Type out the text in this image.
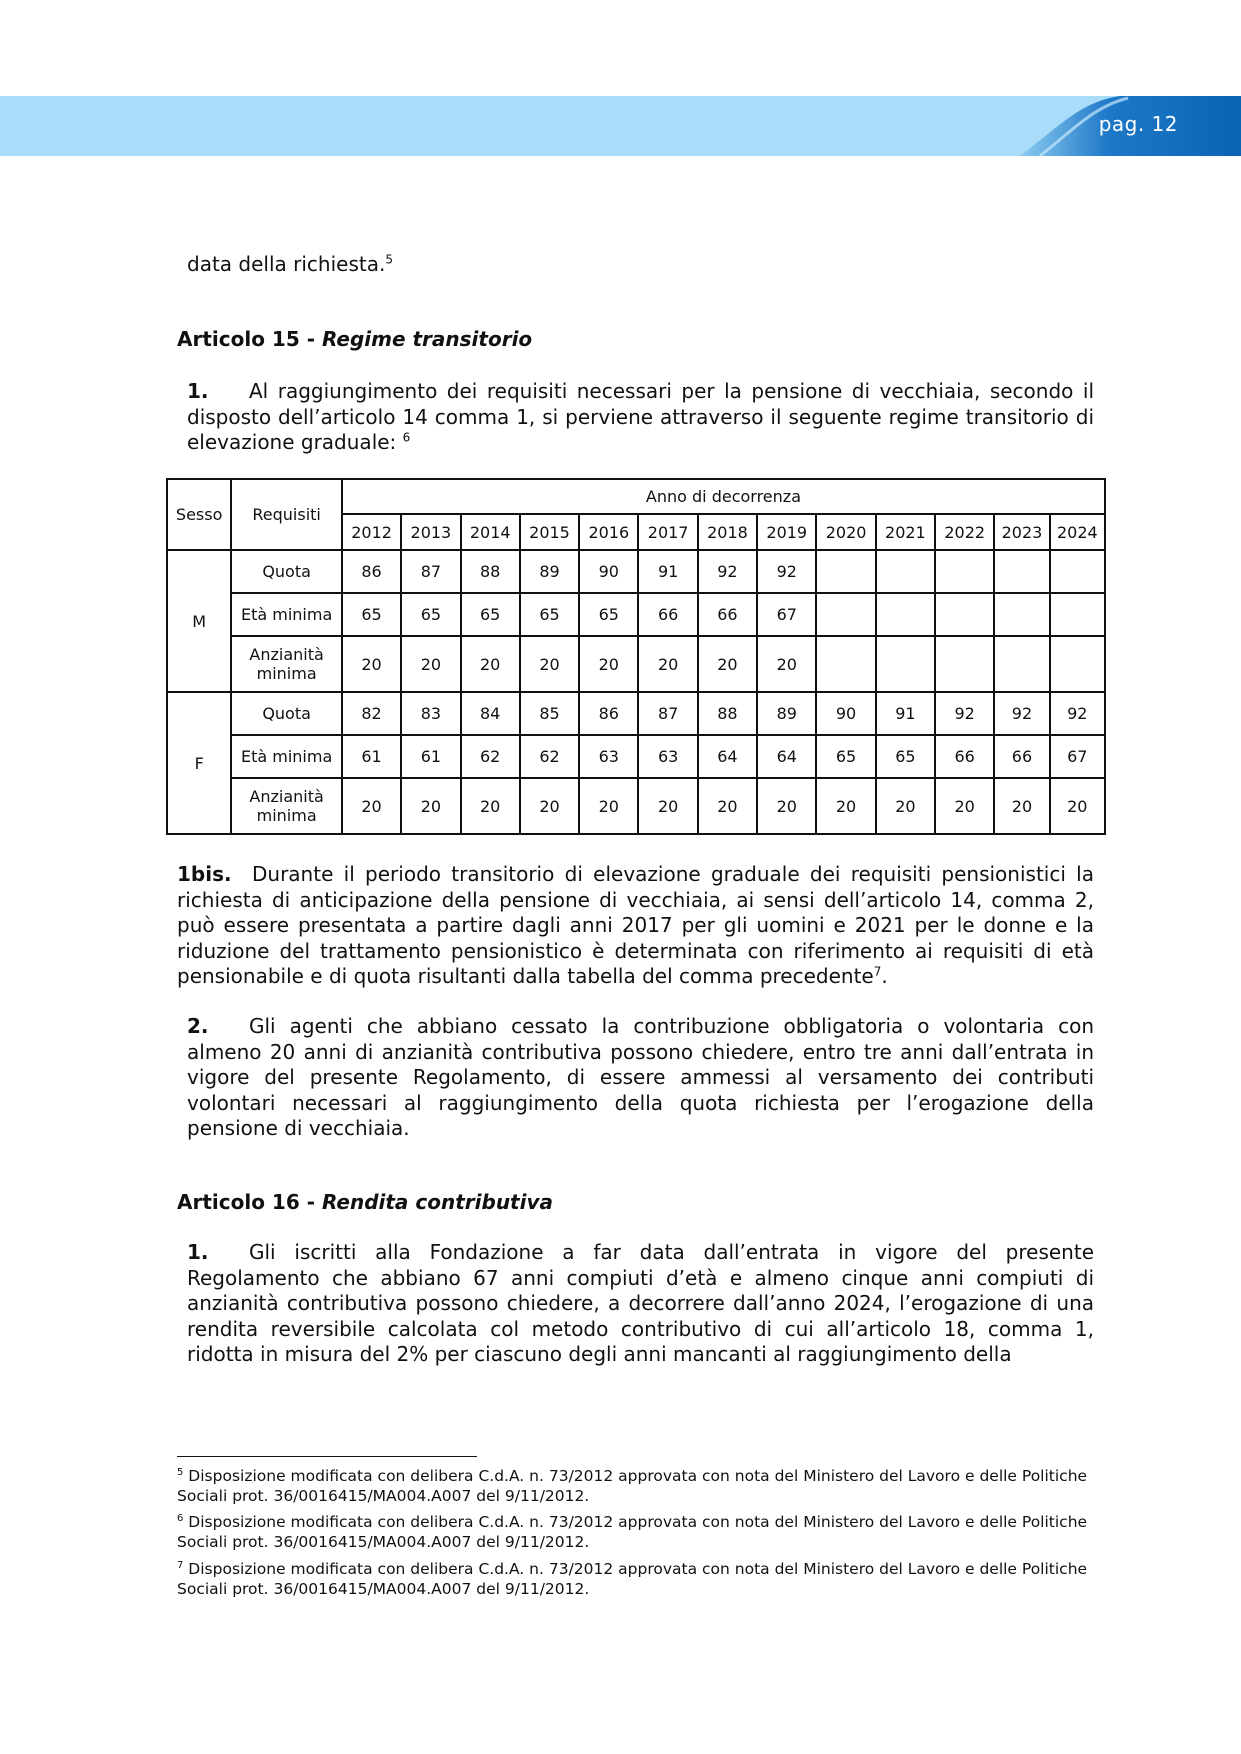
pag. 12
data della richiesta.$^5$
Articolo 15 - Regime transitorio
1. Al raggiungimento dei requisiti necessari per la pensione di vecchiaia, secondo il disposto dell’articolo 14 comma 1, si perviene attraverso il seguente regime transitorio di elevazione graduale: $^6$
Sesso	Requisiti	Anno di decorrenza												
		2012	2013	2014	2015	2016	2017	2018	2019	2020	2021	2022	2023	2024
M	Quota	86	87	88	89	90	91	92	92					
	Età minima	65	65	65	65	65	66	66	67					
	Anzianità
minima	20	20	20	20	20	20	20	20					
F	Quota	82	83	84	85	86	87	88	89	90	91	92	92	92
	Età minima	61	61	62	62	63	63	64	64	65	65	66	66	67
	Anzianità
minima	20	20	20	20	20	20	20	20	20	20	20	20	20
1bis. Durante il periodo transitorio di elevazione graduale dei requisiti pensionistici la richiesta di anticipazione della pensione di vecchiaia, ai sensi dell’articolo 14, comma 2, può essere presentata a partire dagli anni 2017 per gli uomini e 2021 per le donne e la riduzione del trattamento pensionistico è determinata con riferimento ai requisiti di età pensionabile e di quota risultanti dalla tabella del comma precedente$^7$.
2. Gli agenti che abbiano cessato la contribuzione obbligatoria o volontaria con almeno 20 anni di anzianità contributiva possono chiedere, entro tre anni dall’entrata in vigore del presente Regolamento, di essere ammessi al versamento dei contributi volontari necessari al raggiungimento della quota richiesta per l’erogazione della pensione di vecchiaia.
Articolo 16 - Rendita contributiva
1. Gli iscritti alla Fondazione a far data dall’entrata in vigore del presente Regolamento che abbiano 67 anni compiuti d’età e almeno cinque anni compiuti di anzianità contributiva possono chiedere, a decorrere dall’anno 2024, l’erogazione di una rendita reversibile calcolata col metodo contributivo di cui all’articolo 18, comma 1, ridotta in misura del 2% per ciascuno degli anni mancanti al raggiungimento della
$^5$ Disposizione modificata con delibera C.d.A. n. 73/2012 approvata con nota del Ministero del Lavoro e delle Politiche Sociali prot. 36/0016415/MA004.A007 del 9/11/2012.
$^6$ Disposizione modificata con delibera C.d.A. n. 73/2012 approvata con nota del Ministero del Lavoro e delle Politiche Sociali prot. 36/0016415/MA004.A007 del 9/11/2012.
$^7$ Disposizione modificata con delibera C.d.A. n. 73/2012 approvata con nota del Ministero del Lavoro e delle Politiche Sociali prot. 36/0016415/MA004.A007 del 9/11/2012.
